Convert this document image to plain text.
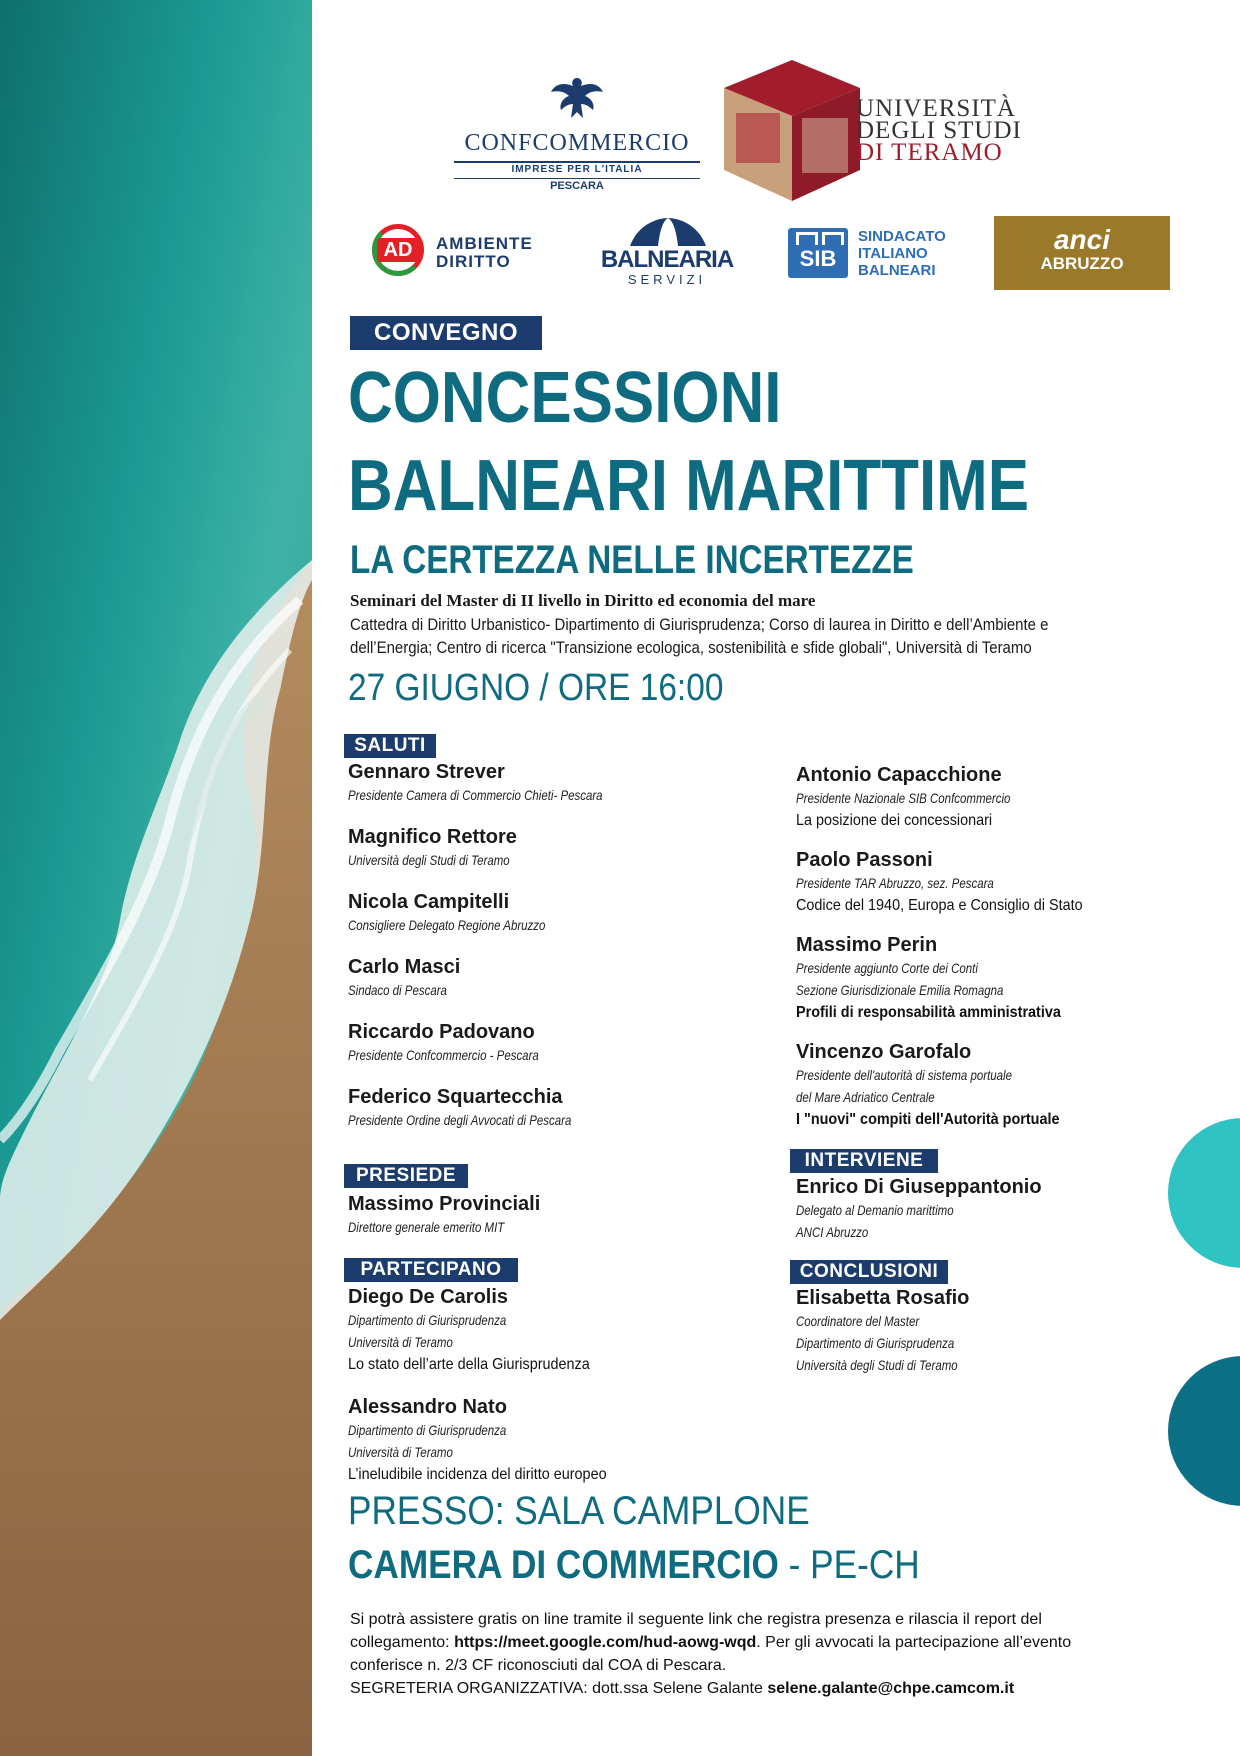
CONFCOMMERCIO
IMPRESE PER L'ITALIA
PESCARA
UNIVERSITÀ
DEGLI STUDI
DI TERAMO
AD	AMBIENTE
DIRITTO	BALNEARIA
SERVIZI
SIB
SINDACATO
ITALIANO
BALNEARI
anci
ABRUZZO
CONVEGNO
CONCESSIONI
BALNEARI MARITTIME
LA CERTEZZA NELLE INCERTEZZE
Seminari del Master di II livello in Diritto ed economia del mare
Cattedra di Diritto Urbanistico- Dipartimento di Giurisprudenza; Corso di laurea in Diritto e dell’Ambiente e
dell’Energia; Centro di ricerca "Transizione ecologica, sostenibilità e sfide globali", Università di Teramo
27 GIUGNO / ORE 16:00
SALUTI
Gennaro Strever
Presidente Camera di Commercio Chieti- Pescara
Magnifico Rettore
Università degli Studi di Teramo
Nicola Campitelli
Consigliere Delegato Regione Abruzzo
Carlo Masci
Sindaco di Pescara
Riccardo Padovano
Presidente Confcommercio - Pescara
Federico Squartecchia
Presidente Ordine degli Avvocati di Pescara
PRESIEDE
Massimo Provinciali
Direttore generale emerito MIT
PARTECIPANO
Diego De Carolis
Dipartimento di Giurisprudenza
Università di Teramo
Lo stato dell’arte della Giurisprudenza
Alessandro Nato
Dipartimento di Giurisprudenza
Università di Teramo
L’ineludibile incidenza del diritto europeo
Antonio Capacchione
Presidente Nazionale SIB Confcommercio
La posizione dei concessionari
Paolo Passoni
Presidente TAR Abruzzo, sez. Pescara
Codice del 1940, Europa e Consiglio di Stato
Massimo Perin
Presidente aggiunto Corte dei Conti
Sezione Giurisdizionale Emilia Romagna
Profili di responsabilità amministrativa
Vincenzo Garofalo
Presidente dell'autorità di sistema portuale
del Mare Adriatico Centrale
I "nuovi" compiti dell'Autorità portuale
INTERVIENE
Enrico Di Giuseppantonio
Delegato al Demanio marittimo
ANCI Abruzzo
CONCLUSIONI
Elisabetta Rosafio
Coordinatore del Master
Dipartimento di Giurisprudenza
Università degli Studi di Teramo
PRESSO: SALA CAMPLONE
CAMERA DI COMMERCIO - PE-CH
Si potrà assistere gratis on line tramite il seguente link che registra presenza e rilascia il report del
collegamento: https://meet.google.com/hud-aowg-wqd. Per gli avvocati la partecipazione all’evento
conferisce n. 2/3 CF riconosciuti dal COA di Pescara.
SEGRETERIA ORGANIZZATIVA: dott.ssa Selene Galante selene.galante@chpe.camcom.it
